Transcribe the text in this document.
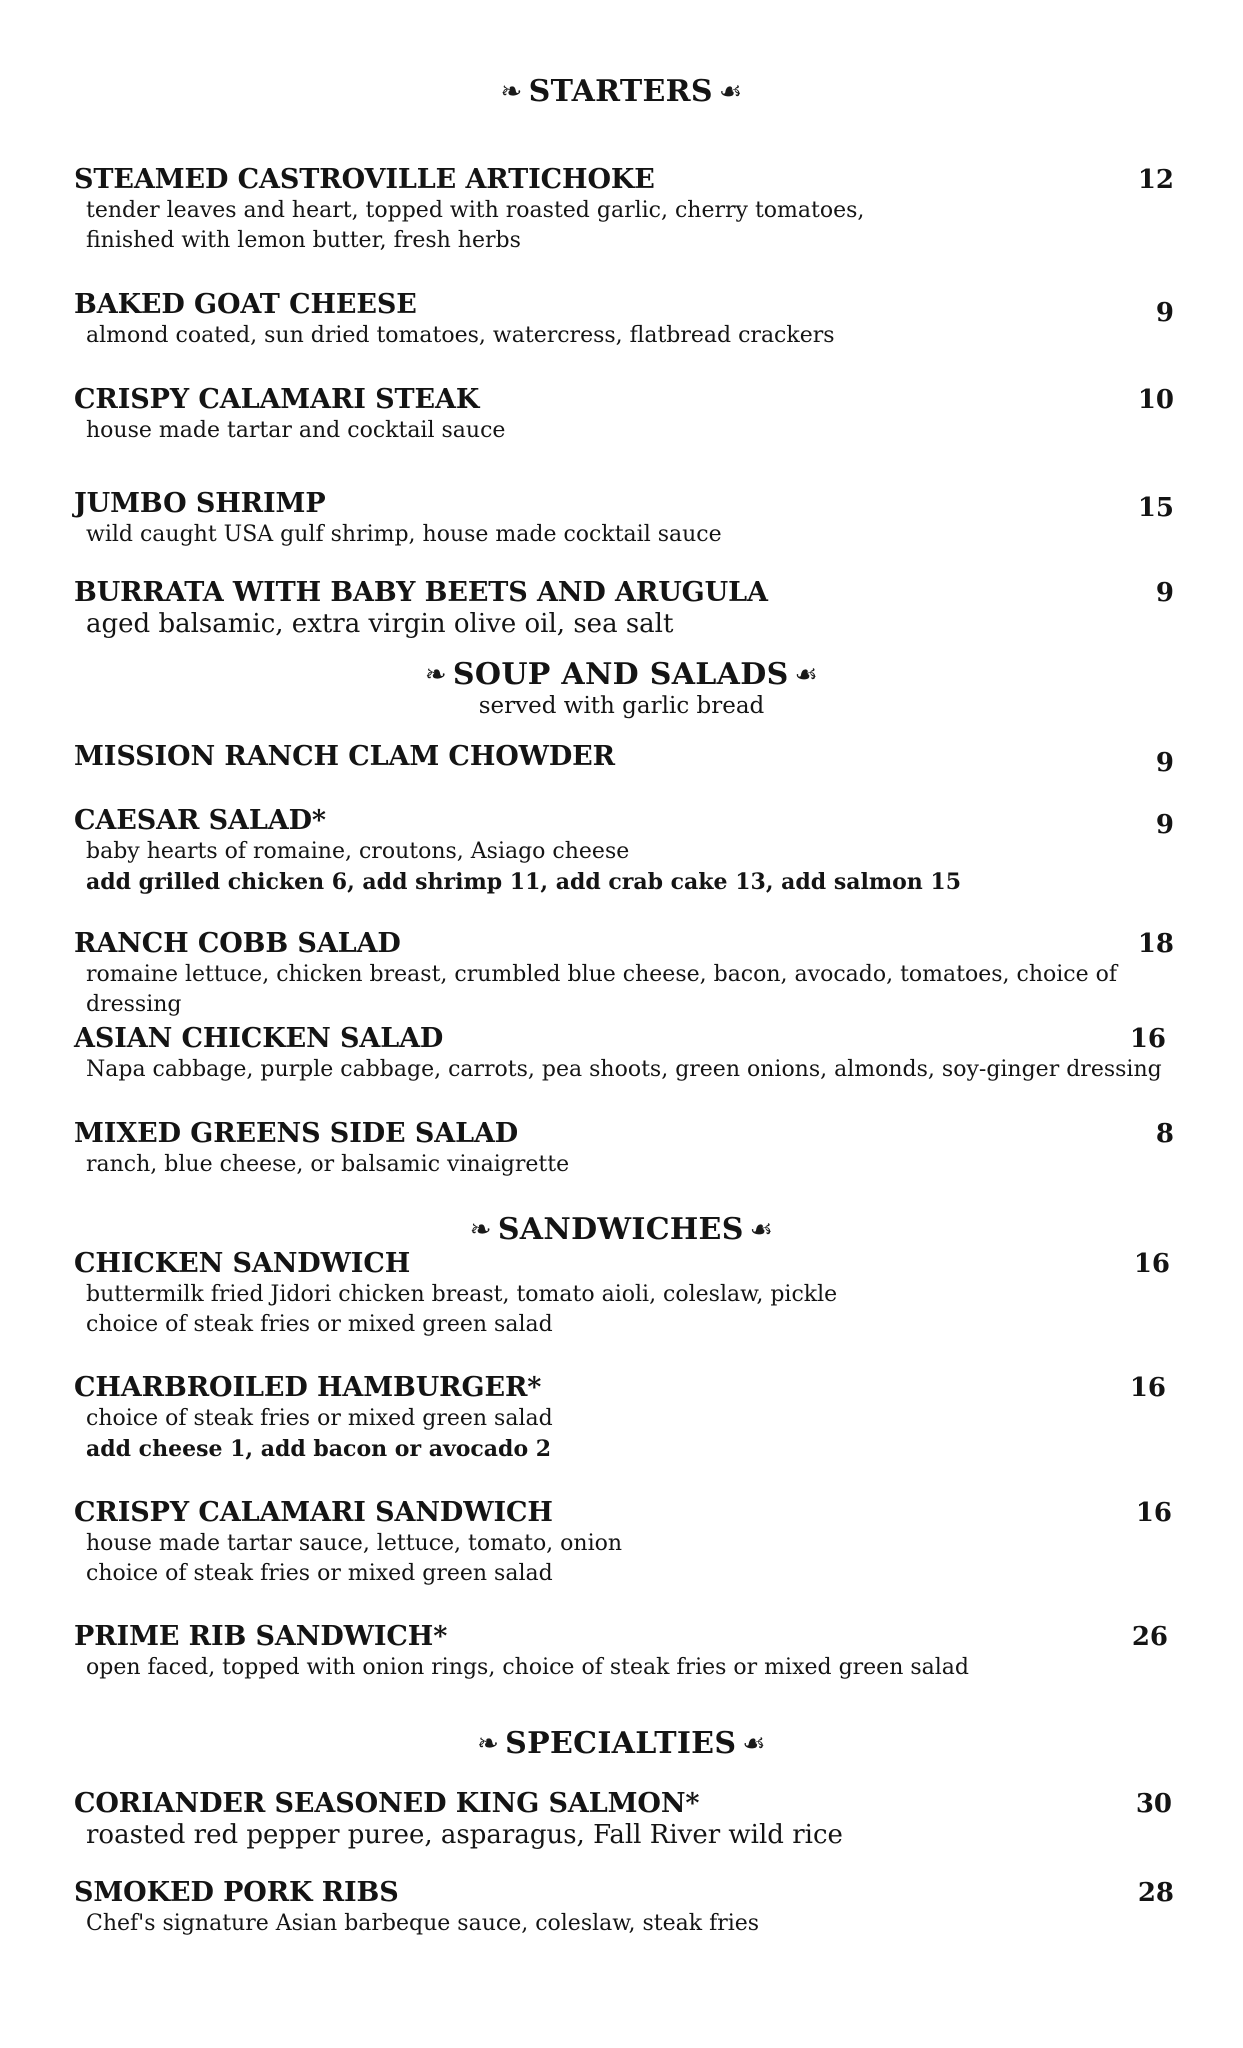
❧ STARTERS ☙
STEAMED CASTROVILLE ARTICHOKE	12
tender leaves and heart, topped with roasted garlic, cherry tomatoes,
finished with lemon butter, fresh herbs
BAKED GOAT CHEESE	9
almond coated, sun dried tomatoes, watercress, flatbread crackers
CRISPY CALAMARI STEAK	10
house made tartar and cocktail sauce
JUMBO SHRIMP	15
wild caught USA gulf shrimp, house made cocktail sauce
BURRATA WITH BABY BEETS AND ARUGULA	9
aged balsamic, extra virgin olive oil, sea salt
❧ SOUP AND SALADS ☙
served with garlic bread
MISSION RANCH CLAM CHOWDER	9
CAESAR SALAD*	9
baby hearts of romaine, croutons, Asiago cheese
add grilled chicken 6, add shrimp 11, add crab cake 13, add salmon 15
RANCH COBB SALAD	18
romaine lettuce, chicken breast, crumbled blue cheese, bacon, avocado, tomatoes, choice of dressing
ASIAN CHICKEN SALAD	16
Napa cabbage, purple cabbage, carrots, pea shoots, green onions, almonds, soy-ginger dressing
MIXED GREENS SIDE SALAD	8
ranch, blue cheese, or balsamic vinaigrette
❧ SANDWICHES ☙
CHICKEN SANDWICH	16
buttermilk fried Jidori chicken breast, tomato aioli, coleslaw, pickle
choice of steak fries or mixed green salad
CHARBROILED HAMBURGER*	16
choice of steak fries or mixed green salad
add cheese 1, add bacon or avocado 2
CRISPY CALAMARI SANDWICH	16
house made tartar sauce, lettuce, tomato, onion
choice of steak fries or mixed green salad
PRIME RIB SANDWICH*	26
open faced, topped with onion rings, choice of steak fries or mixed green salad
❧ SPECIALTIES ☙
CORIANDER SEASONED KING SALMON*	30
roasted red pepper puree, asparagus, Fall River wild rice
SMOKED PORK RIBS	28
Chef's signature Asian barbeque sauce, coleslaw, steak fries
